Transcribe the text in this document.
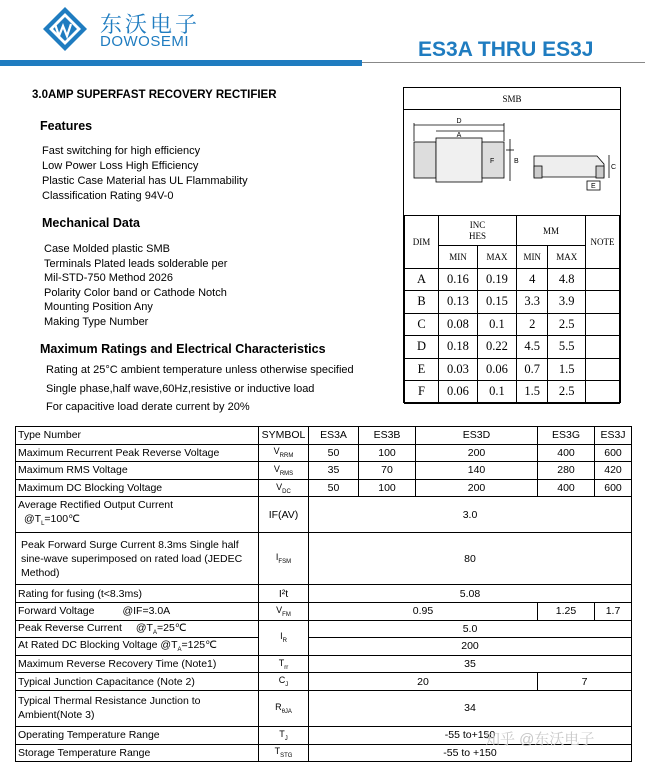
东沃电子
DOWOSEMI	ES3A THRU ES3J
3.0AMP SUPERFAST RECOVERY RECTIFIER
Features
Fast switching for high efficiency
Low Power Loss High Efficiency
Plastic Case Material has UL Flammability
Classification Rating 94V-0
Mechanical Data
Case Molded plastic SMB
Terminals Plated leads solderable per
Mil-STD-750 Method 2026
Polarity Color band or Cathode Notch
Mounting Position Any
Making Type Number
Maximum Ratings and Electrical Characteristics
Rating at 25°C ambient temperature unless otherwise specified
Single phase,half wave,60Hz,resistive or inductive load
For capacitive load derate current by 20%
SMB
D
A
F	B
C
E
DIM	INC
HES		MM		NOTE
	MIN	MAX	MIN	MAX	
A	0.16	0.19	4	4.8	
B	0.13	0.15	3.3	3.9	
C	0.08	0.1	2	2.5	
D	0.18	0.22	4.5	5.5	
E	0.03	0.06	0.7	1.5	
F	0.06	0.1	1.5	2.5	
Type Number	SYMBOL	ES3A	ES3B	ES3D	ES3G	ES3J	
Maximum Recurrent Peak Reverse Voltage	$V_{RRM}$	50	100	200	400	600	
Maximum RMS Voltage	$V_{RMS}$	35	70	140	280	420	
Maximum DC Blocking Voltage	$V_{DC}$	50	100	200	400	600	

Average Rectified Output Current
$@T_L=100℃$	IF(AV)	3.0	
Peak Forward Surge Current 8.3ms Single half sine-wave superimposed on rated load (JEDEC Method)	$I_{FSM}$	80	
Rating for fusing (t<8.3ms)	I²t	5.08	
Forward Voltage @IF=3.0A	$V_{FM}$	0.95			1.25	1.7	
Peak Reverse Current $@T_A=25℃$	$I_R$	5.0	
At Rated DC Blocking Voltage $@T_A=125℃$		200					
Maximum Reverse Recovery Time (Note1)	$T_{rr}$	35	
Typical Junction Capacitance (Note 2)	$C_J$	20			7	
Typical Thermal Resistance Junction to Ambient(Note 3)	$R_{\theta JA}$	34	
Operating Temperature Range	$T_J$	-55 to+150	
Storage Temperature Range	$T_{STG}$	-55 to +150	
知乎 @东沃电子
